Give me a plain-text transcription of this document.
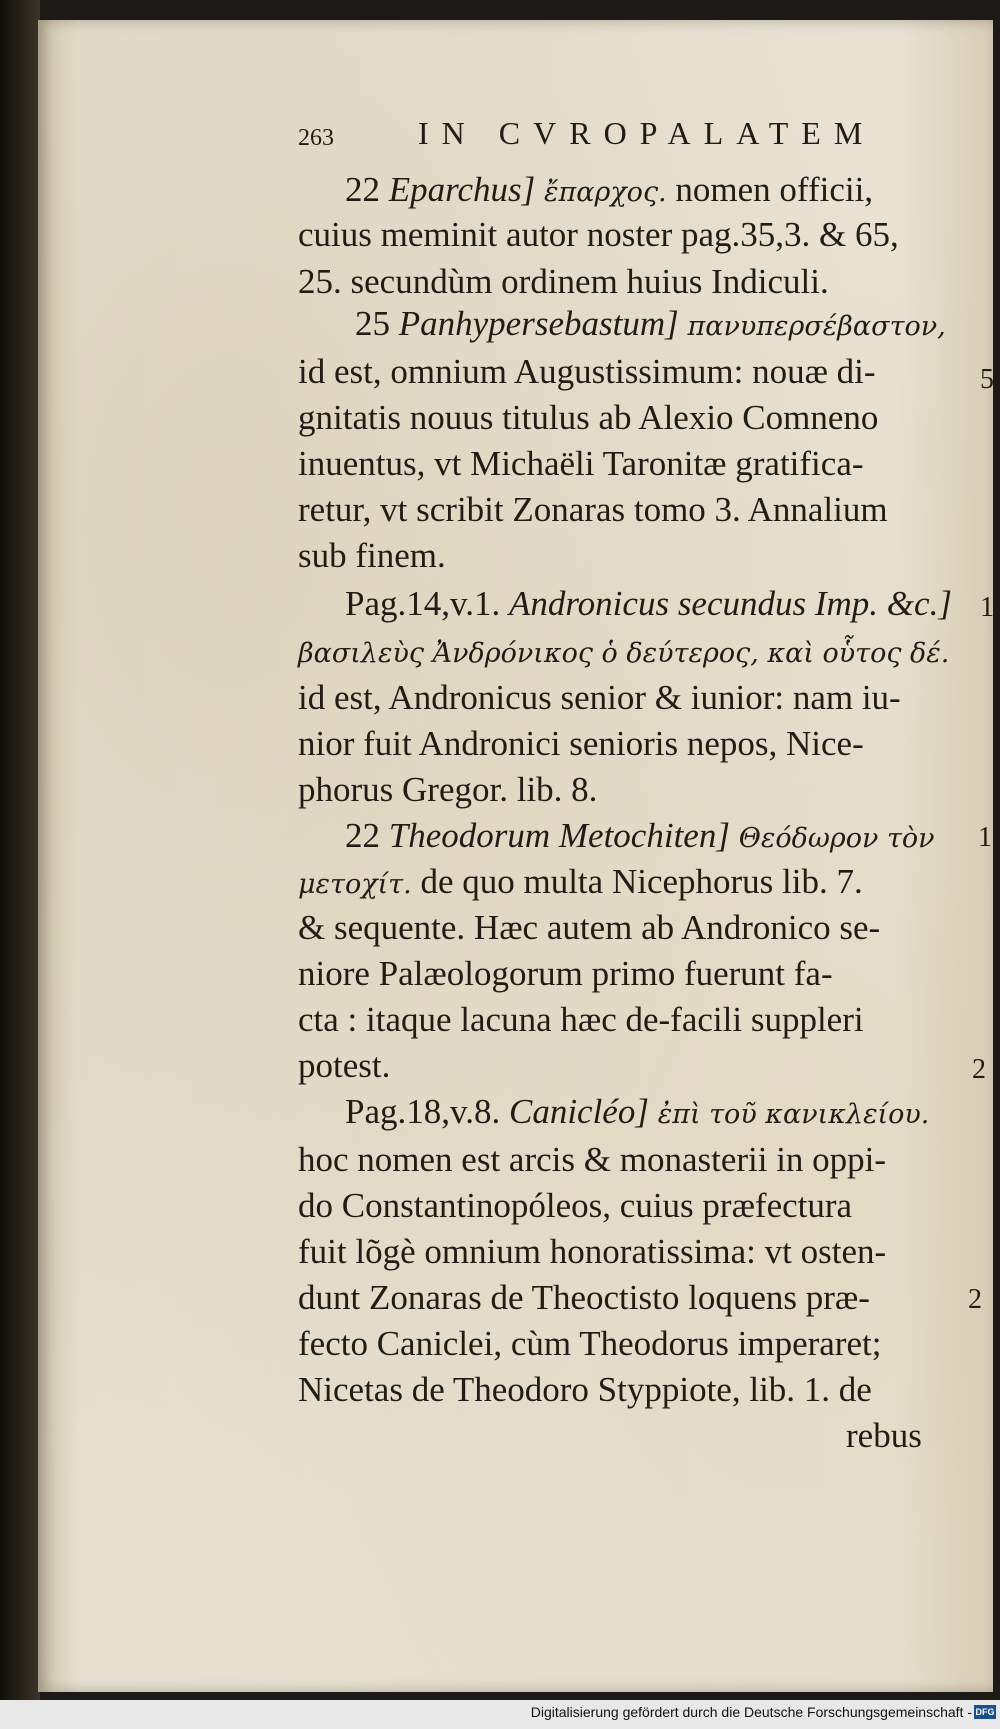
263	IN CVROPALATEM
22 Eparchus] ἔπαρχος. nomen officii,
cuius meminit autor noster pag.35,3. & 65,
25. secundùm ordinem huius Indiculi.
25 Panhypersebastum] πανυπερσέβαστον,
id est, omnium Augustissimum: nouæ di-
gnitatis nouus titulus ab Alexio Comneno
inuentus, vt Michaëli Taronitæ gratifica-
retur, vt scribit Zonaras tomo 3. Annalium
sub finem.
Pag.14,v.1. Andronicus secundus Imp. &c.]
βασιλεὺς Ἀνδρόνικος ὁ δεύτερος, καὶ οὗτος δέ.
id est, Andronicus senior & iunior: nam iu-
nior fuit Andronici senioris nepos, Nice-
phorus Gregor. lib. 8.
22 Theodorum Metochiten] Θεόδωρον τὸν
μετοχίτ. de quo multa Nicephorus lib. 7.
& sequente. Hæc autem ab Andronico se-
niore Palæologorum primo fuerunt fa-
cta : itaque lacuna hæc de-facili suppleri
potest.
Pag.18,v.8. Canicléo] ἐπὶ τοῦ κανικλείου.
hoc nomen est arcis & monasterii in oppi-
do Constantinopóleos, cuius præfectura
fuit lõgè omnium honoratissima: vt osten-
dunt Zonaras de Theoctisto loquens præ-
fecto Caniclei, cùm Theodorus imperaret;
Nicetas de Theodoro Styppiote, lib. 1. de
rebus
5
1
1
2
2
Digitalisierung gefördert durch die Deutsche Forschungsgemeinschaft - DFG
